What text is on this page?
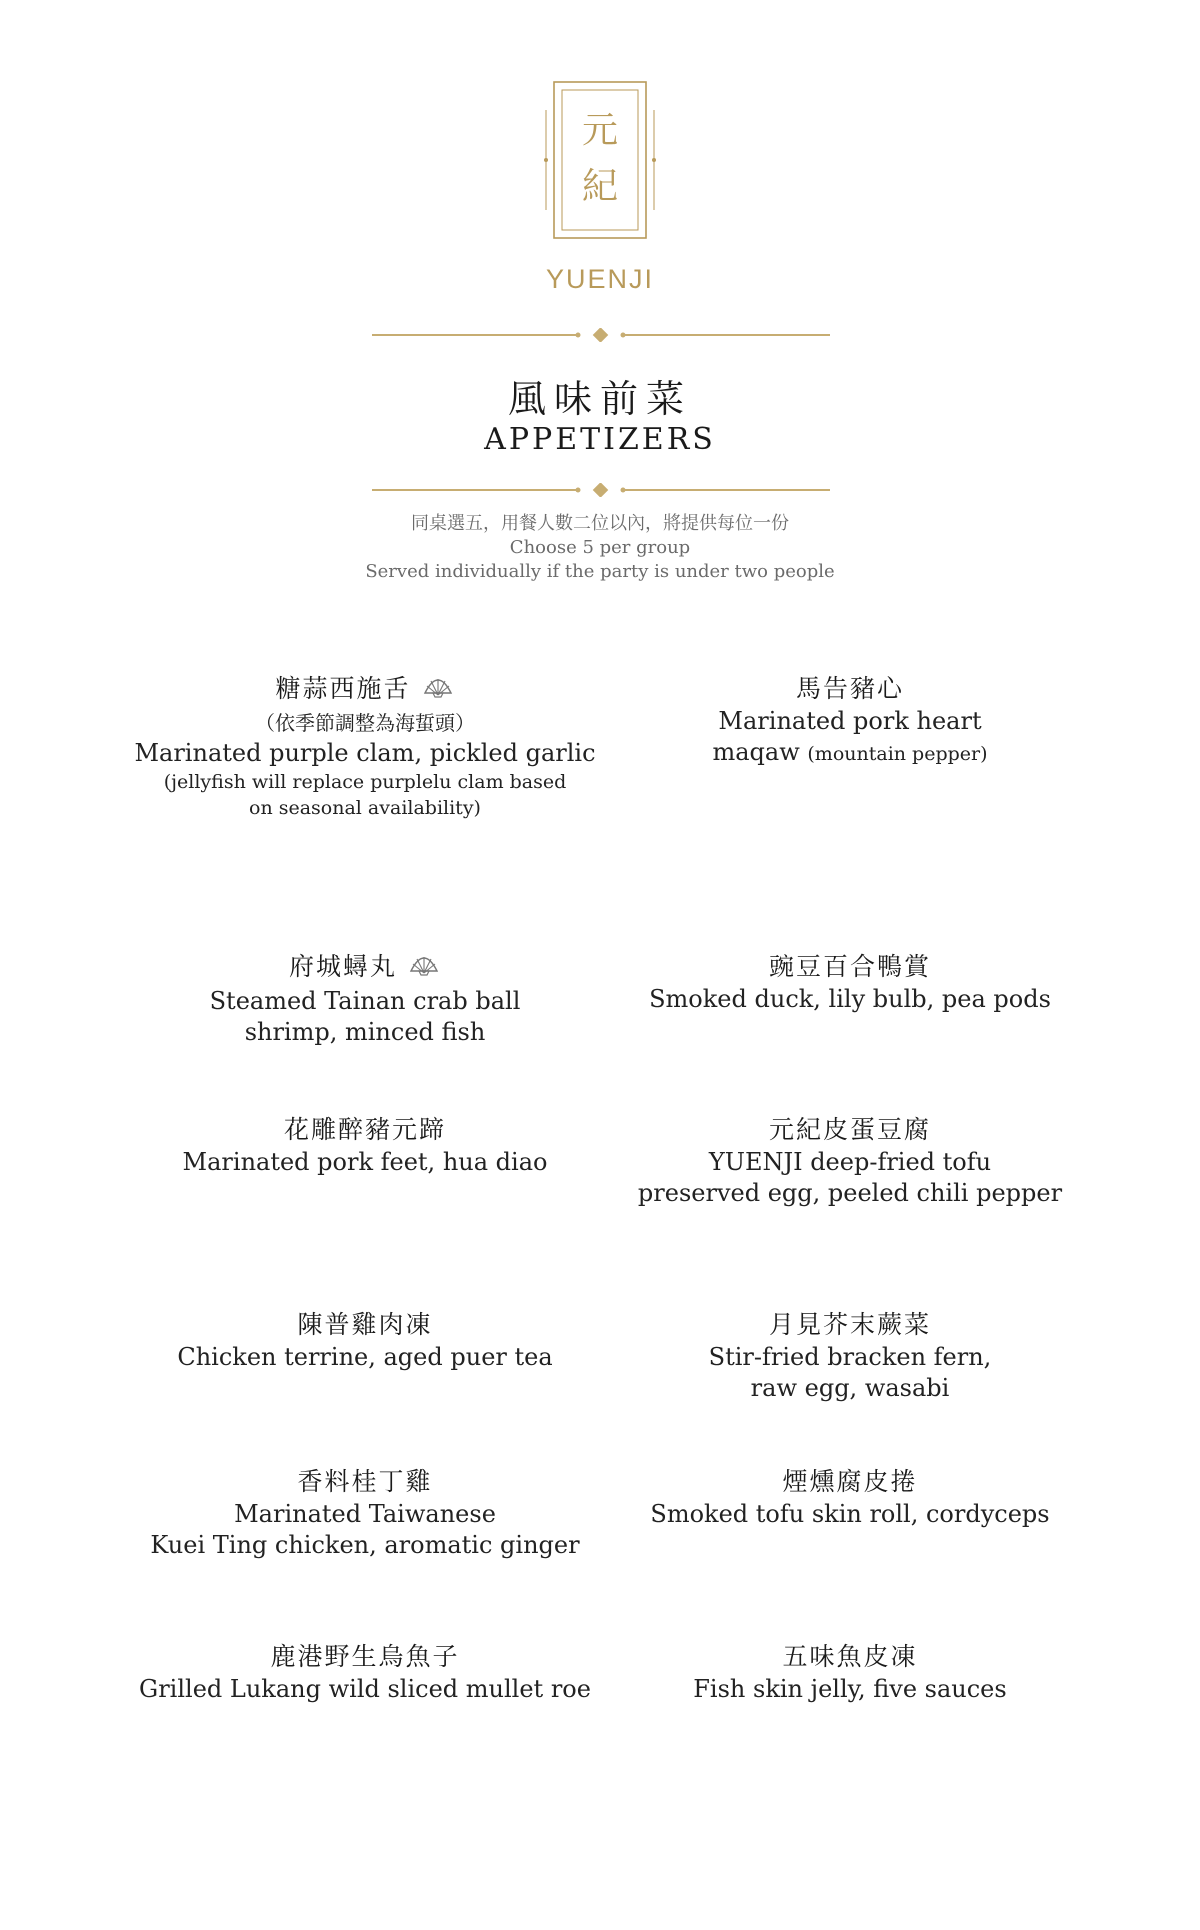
元
紀
YUENJI
風味前菜
APPETIZERS
同桌選五，用餐人數二位以內，將提供每位一份
Choose 5 per group
Served individually if the party is under two people
糖蒜西施舌
（依季節調整為海蜇頭）
Marinated purple clam, pickled garlic
(jellyfish will replace purplelu clam based
on seasonal availability)
馬告豬心
Marinated pork heart
maqaw (mountain pepper)
府城蟳丸
Steamed Tainan crab ball
shrimp, minced fish
豌豆百合鴨賞
Smoked duck, lily bulb, pea pods
花雕醉豬元蹄
Marinated pork feet, hua diao
元紀皮蛋豆腐
YUENJI deep-fried tofu
preserved egg, peeled chili pepper
陳普雞肉凍
Chicken terrine, aged puer tea
月見芥末蕨菜
Stir-fried bracken fern,
raw egg, wasabi
香料桂丁雞
Marinated Taiwanese
Kuei Ting chicken, aromatic ginger
煙燻腐皮捲
Smoked tofu skin roll, cordyceps
鹿港野生烏魚子
Grilled Lukang wild sliced mullet roe
五味魚皮凍
Fish skin jelly, five sauces
